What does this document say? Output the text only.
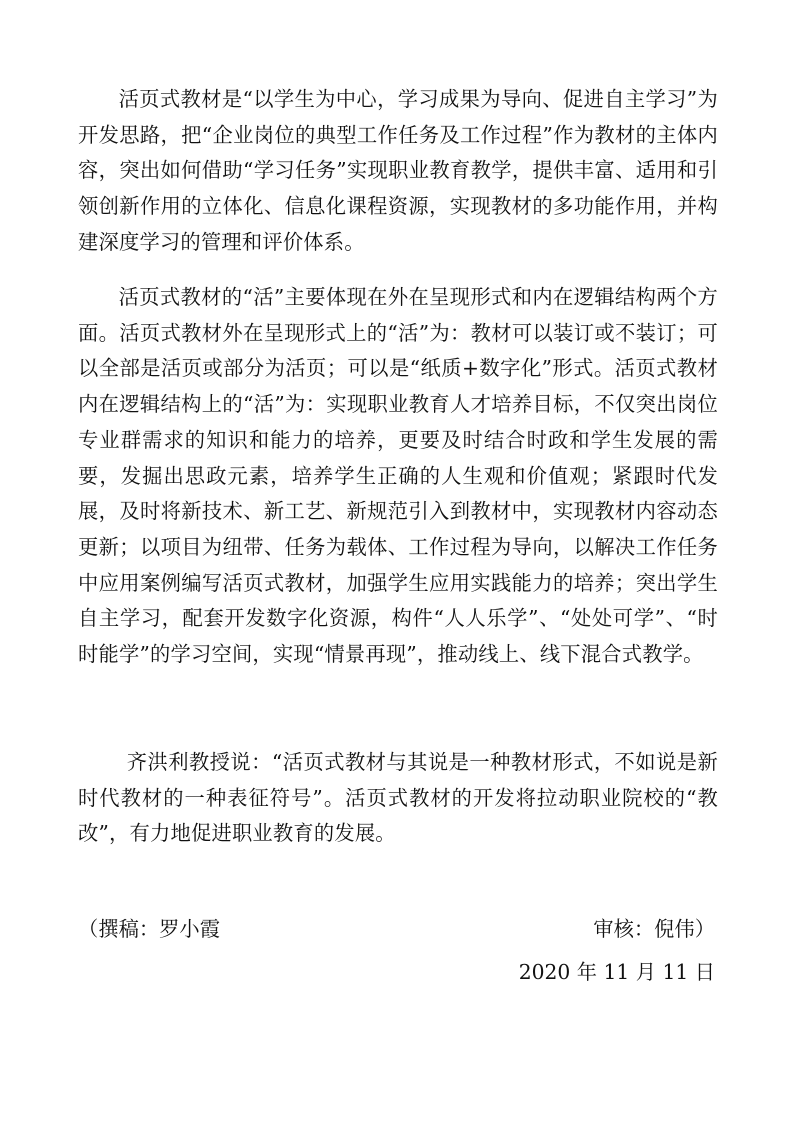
活页式教材是“以学生为中心，学习成果为导向、促进自主学习”为开发思路，把“企业岗位的典型工作任务及工作过程”作为教材的主体内容，突出如何借助“学习任务”实现职业教育教学，提供丰富、适用和引领创新作用的立体化、信息化课程资源，实现教材的多功能作用，并构建深度学习的管理和评价体系。

活页式教材的“活”主要体现在外在呈现形式和内在逻辑结构两个方面。活页式教材外在呈现形式上的“活”为：教材可以装订或不装订；可以全部是活页或部分为活页；可以是“纸质+数字化”形式。活页式教材内在逻辑结构上的“活”为：实现职业教育人才培养目标，不仅突出岗位专业群需求的知识和能力的培养，更要及时结合时政和学生发展的需要，发掘出思政元素，培养学生正确的人生观和价值观；紧跟时代发展，及时将新技术、新工艺、新规范引入到教材中，实现教材内容动态更新；以项目为纽带、任务为载体、工作过程为导向，以解决工作任务中应用案例编写活页式教材，加强学生应用实践能力的培养；突出学生自主学习，配套开发数字化资源，构件“人人乐学”、“处处可学”、“时时能学”的学习空间，实现“情景再现”，推动线上、线下混合式教学。

齐洪利教授说：“活页式教材与其说是一种教材形式，不如说是新时代教材的一种表征符号”。活页式教材的开发将拉动职业院校的“教改”，有力地促进职业教育的发展。

（撰稿：罗小霞	审核：倪伟）
2020 年 11 月 11 日
